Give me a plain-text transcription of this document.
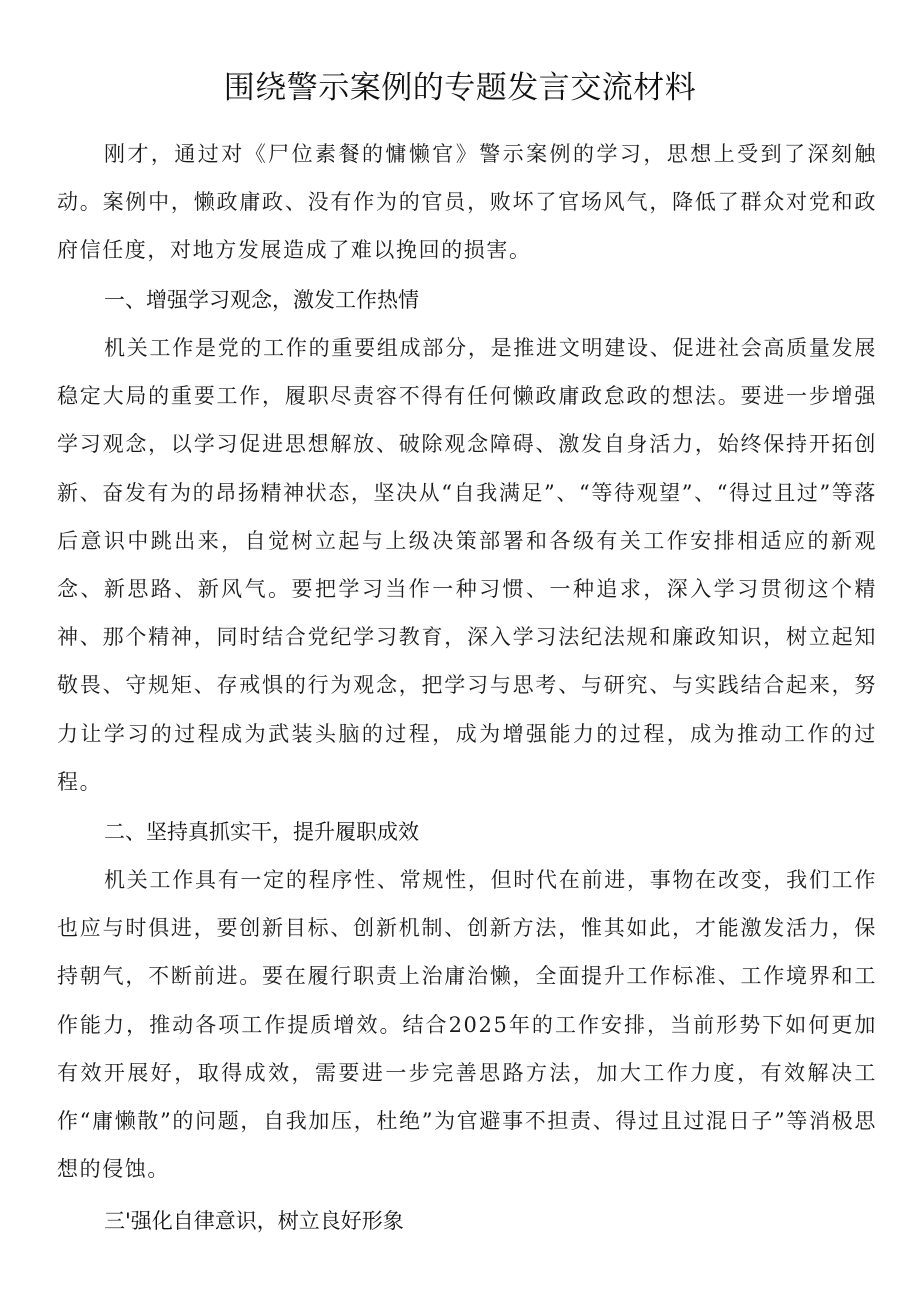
围绕警示案例的专题发言交流材料

刚才，通过对《尸位素餐的慵懒官》警示案例的学习，思想上受到了深刻触动。案例中，懒政庸政、没有作为的官员，败坏了官场风气，降低了群众对党和政府信任度，对地方发展造成了难以挽回的损害。

一、增强学习观念，激发工作热情

机关工作是党的工作的重要组成部分，是推进文明建设、促进社会高质量发展稳定大局的重要工作，履职尽责容不得有任何懒政庸政怠政的想法。要进一步增强学习观念，以学习促进思想解放、破除观念障碍、激发自身活力，始终保持开拓创新、奋发有为的昂扬精神状态，坚决从“自我满足”、“等待观望”、“得过且过”等落后意识中跳出来，自觉树立起与上级决策部署和各级有关工作安排相适应的新观念、新思路、新风气。要把学习当作一种习惯、一种追求，深入学习贯彻这个精神、那个精神，同时结合党纪学习教育，深入学习法纪法规和廉政知识，树立起知敬畏、守规矩、存戒惧的行为观念，把学习与思考、与研究、与实践结合起来，努力让学习的过程成为武装头脑的过程，成为增强能力的过程，成为推动工作的过程。

二、坚持真抓实干，提升履职成效

机关工作具有一定的程序性、常规性，但时代在前进，事物在改变，我们工作也应与时俱进，要创新目标、创新机制、创新方法，惟其如此，才能激发活力，保持朝气，不断前进。要在履行职责上治庸治懒，全面提升工作标准、工作境界和工作能力，推动各项工作提质增效。结合2025年的工作安排，当前形势下如何更加有效开展好，取得成效，需要进一步完善思路方法，加大工作力度，有效解决工作“庸懒散”的问题，自我加压，杜绝”为官避事不担责、得过且过混日子”等消极思想的侵蚀。

三'强化自律意识，树立良好形象
